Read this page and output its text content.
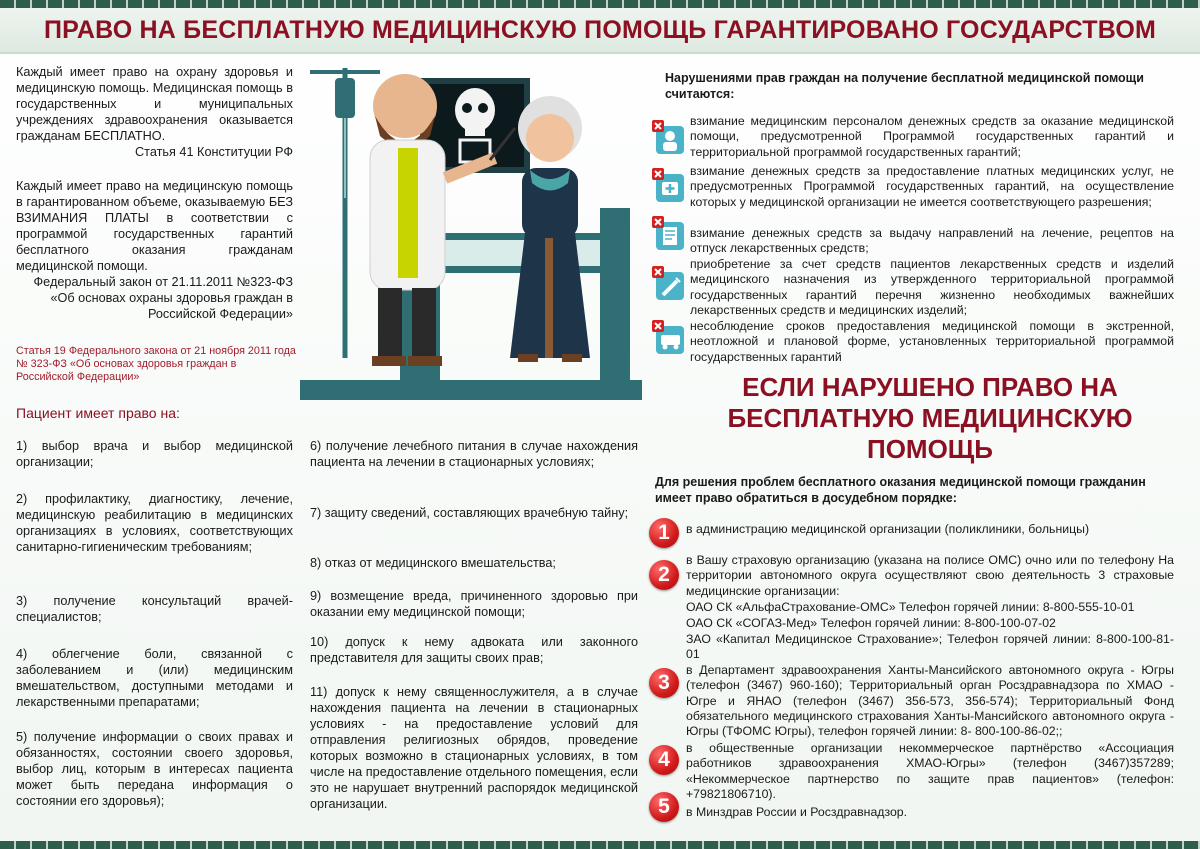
ПРАВО НА БЕСПЛАТНУЮ МЕДИЦИНСКУЮ ПОМОЩЬ ГАРАНТИРОВАНО ГОСУДАРСТВОМ

Каждый имеет право на охрану здоровья и медицинскую помощь. Медицинская помощь в государственных и муниципальных учреждениях здравоохранения оказывается гражданам БЕСПЛАТНО.

Статья 41 Конституции РФ

Каждый имеет право на медицинскую помощь в гарантированном объеме, оказываемую БЕЗ ВЗИМАНИЯ ПЛАТЫ в соответствии с программой государственных гарантий бесплатного оказания гражданам медицинской помощи.

Федеральный закон от 21.11.2011 №323-ФЗ «Об основах охраны здоровья граждан в Российской Федерации»

Статья 19 Федерального закона от 21 ноября 2011 года № 323-ФЗ «Об основах здоровья граждан в Российской Федерации»

Пациент имеет право на:

1) выбор врача и выбор медицинской организации;

2) профилактику, диагностику, лечение, медицинскую реабилитацию в медицинских организациях в условиях, соответствующих санитарно-гигиеническим требованиям;

3) получение консультаций врачей-специалистов;

4) облегчение боли, связанной с заболеванием и (или) медицинским вмешательством, доступными методами и лекарственными препаратами;

5) получение информации о своих правах и обязанностях, состоянии своего здоровья, выбор лиц, которым в интересах пациента может быть передана информация о состоянии его здоровья);

6) получение лечебного питания в случае нахождения пациента на лечении в стационарных условиях;

7) защиту сведений, составляющих врачебную тайну;

8) отказ от медицинского вмешательства;

9) возмещение вреда, причиненного здоровью при оказании ему медицинской помощи;

10) допуск к нему адвоката или законного представителя для защиты своих прав;

11) допуск к нему священнослужителя, а в случае нахождения пациента на лечении в стационарных условиях - на предоставление условий для отправления религиозных обрядов, проведение которых возможно в стационарных условиях, в том числе на предоставление отдельного помещения, если это не нарушает внутренний распорядок медицинской организации.

Нарушениями прав граждан на получение бесплатной медицинской помощи считаются:

взимание медицинским персоналом денежных средств за оказание медицинской помощи, предусмотренной Программой государственных гарантий и территориальной программой государственных гарантий;

взимание денежных средств за предоставление платных медицинских услуг, не предусмотренных Программой государственных гарантий, на осуществление которых у медицинской организации не имеется соответствующего разрешения;

взимание денежных средств за выдачу направлений на лечение, рецептов на отпуск лекарственных средств;

приобретение за счет средств пациентов лекарственных средств и изделий медицинского назначения из утвержденного территориальной программой государственных гарантий перечня жизненно необходимых важнейших лекарственных средств и медицинских изделий;

несоблюдение сроков предоставления медицинской помощи в экстренной, неотложной и плановой форме, установленных территориальной программой государственных гарантий

ЕСЛИ НАРУШЕНО ПРАВО НА БЕСПЛАТНУЮ МЕДИЦИНСКУЮ ПОМОЩЬ

Для решения проблем бесплатного оказания медицинской помощи гражданин имеет право обратиться в досудебном порядке:

1
2
3
4
5

в администрацию медицинской организации (поликлиники, больницы)

в Вашу страховую организацию (указана на полисе ОМС) очно или по телефону На территории автономного округа осуществляют свою деятельность 3 страховые медицинские организации:

ОАО СК «АльфаСтрахование-ОМС» Телефон горячей линии: 8-800-555-10-01

ОАО СК «СОГАЗ-Мед» Телефон горячей линии: 8-800-100-07-02

ЗАО «Капитал Медицинское Страхование»; Телефон горячей линии: 8-800-100-81-01

в Департамент здравоохранения Ханты-Мансийского автономного округа - Югры (телефон (3467) 960-160); Территориальный орган Росздравнадзора по ХМАО - Югре и ЯНАО (телефон (3467) 356-573, 356-574); Территориальный Фонд обязательного медицинского страхования Ханты-Мансийского автономного округа - Югры (ТФОМС Югры), телефон горячей линии: 8- 800-100-86-02;;

в общественные организации некоммерческое партнёрство «Ассоциация работников здравоохранения ХМАО-Югры» (телефон (3467)357289; «Некоммерческое партнерство по защите прав пациентов» (телефон: +79821806710).

в Минздрав России и Росздравнадзор.
